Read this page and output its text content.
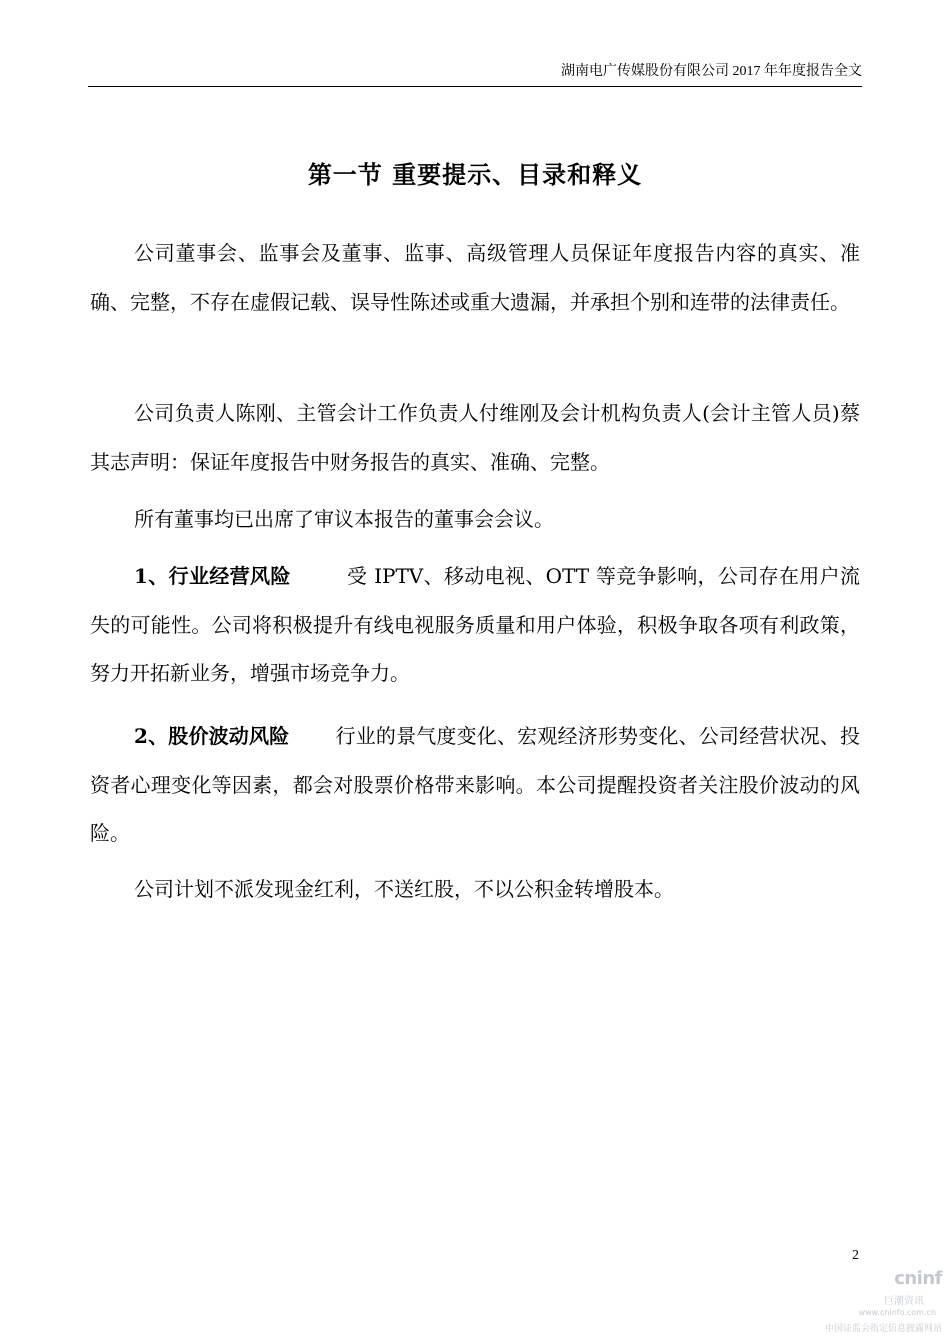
湖南电广传媒股份有限公司 2017 年年度报告全文
第一节 重要提示、目录和释义

公司董事会、监事会及董事、监事、高级管理人员保证年度报告内容的真实、准确、完整，不存在虚假记载、误导性陈述或重大遗漏，并承担个别和连带的法律责任。

公司负责人陈刚、主管会计工作负责人付维刚及会计机构负责人(会计主管人员)蔡其志声明：保证年度报告中财务报告的真实、准确、完整。

所有董事均已出席了审议本报告的董事会会议。

1、行业经营风险	受 IPTV、移动电视、OTT 等竞争影响，公司存在用户流失的可能性。公司将积极提升有线电视服务质量和用户体验，积极争取各项有利政策，努力开拓新业务，增强市场竞争力。

2、股价波动风险 行业的景气度变化、宏观经济形势变化、公司经营状况、投资者心理变化等因素，都会对股票价格带来影响。本公司提醒投资者关注股价波动的风险。

公司计划不派发现金红利，不送红股，不以公积金转增股本。

2
cninf
巨潮资讯
www.cninfo.com.cn
中国证监会指定信息披露网站
